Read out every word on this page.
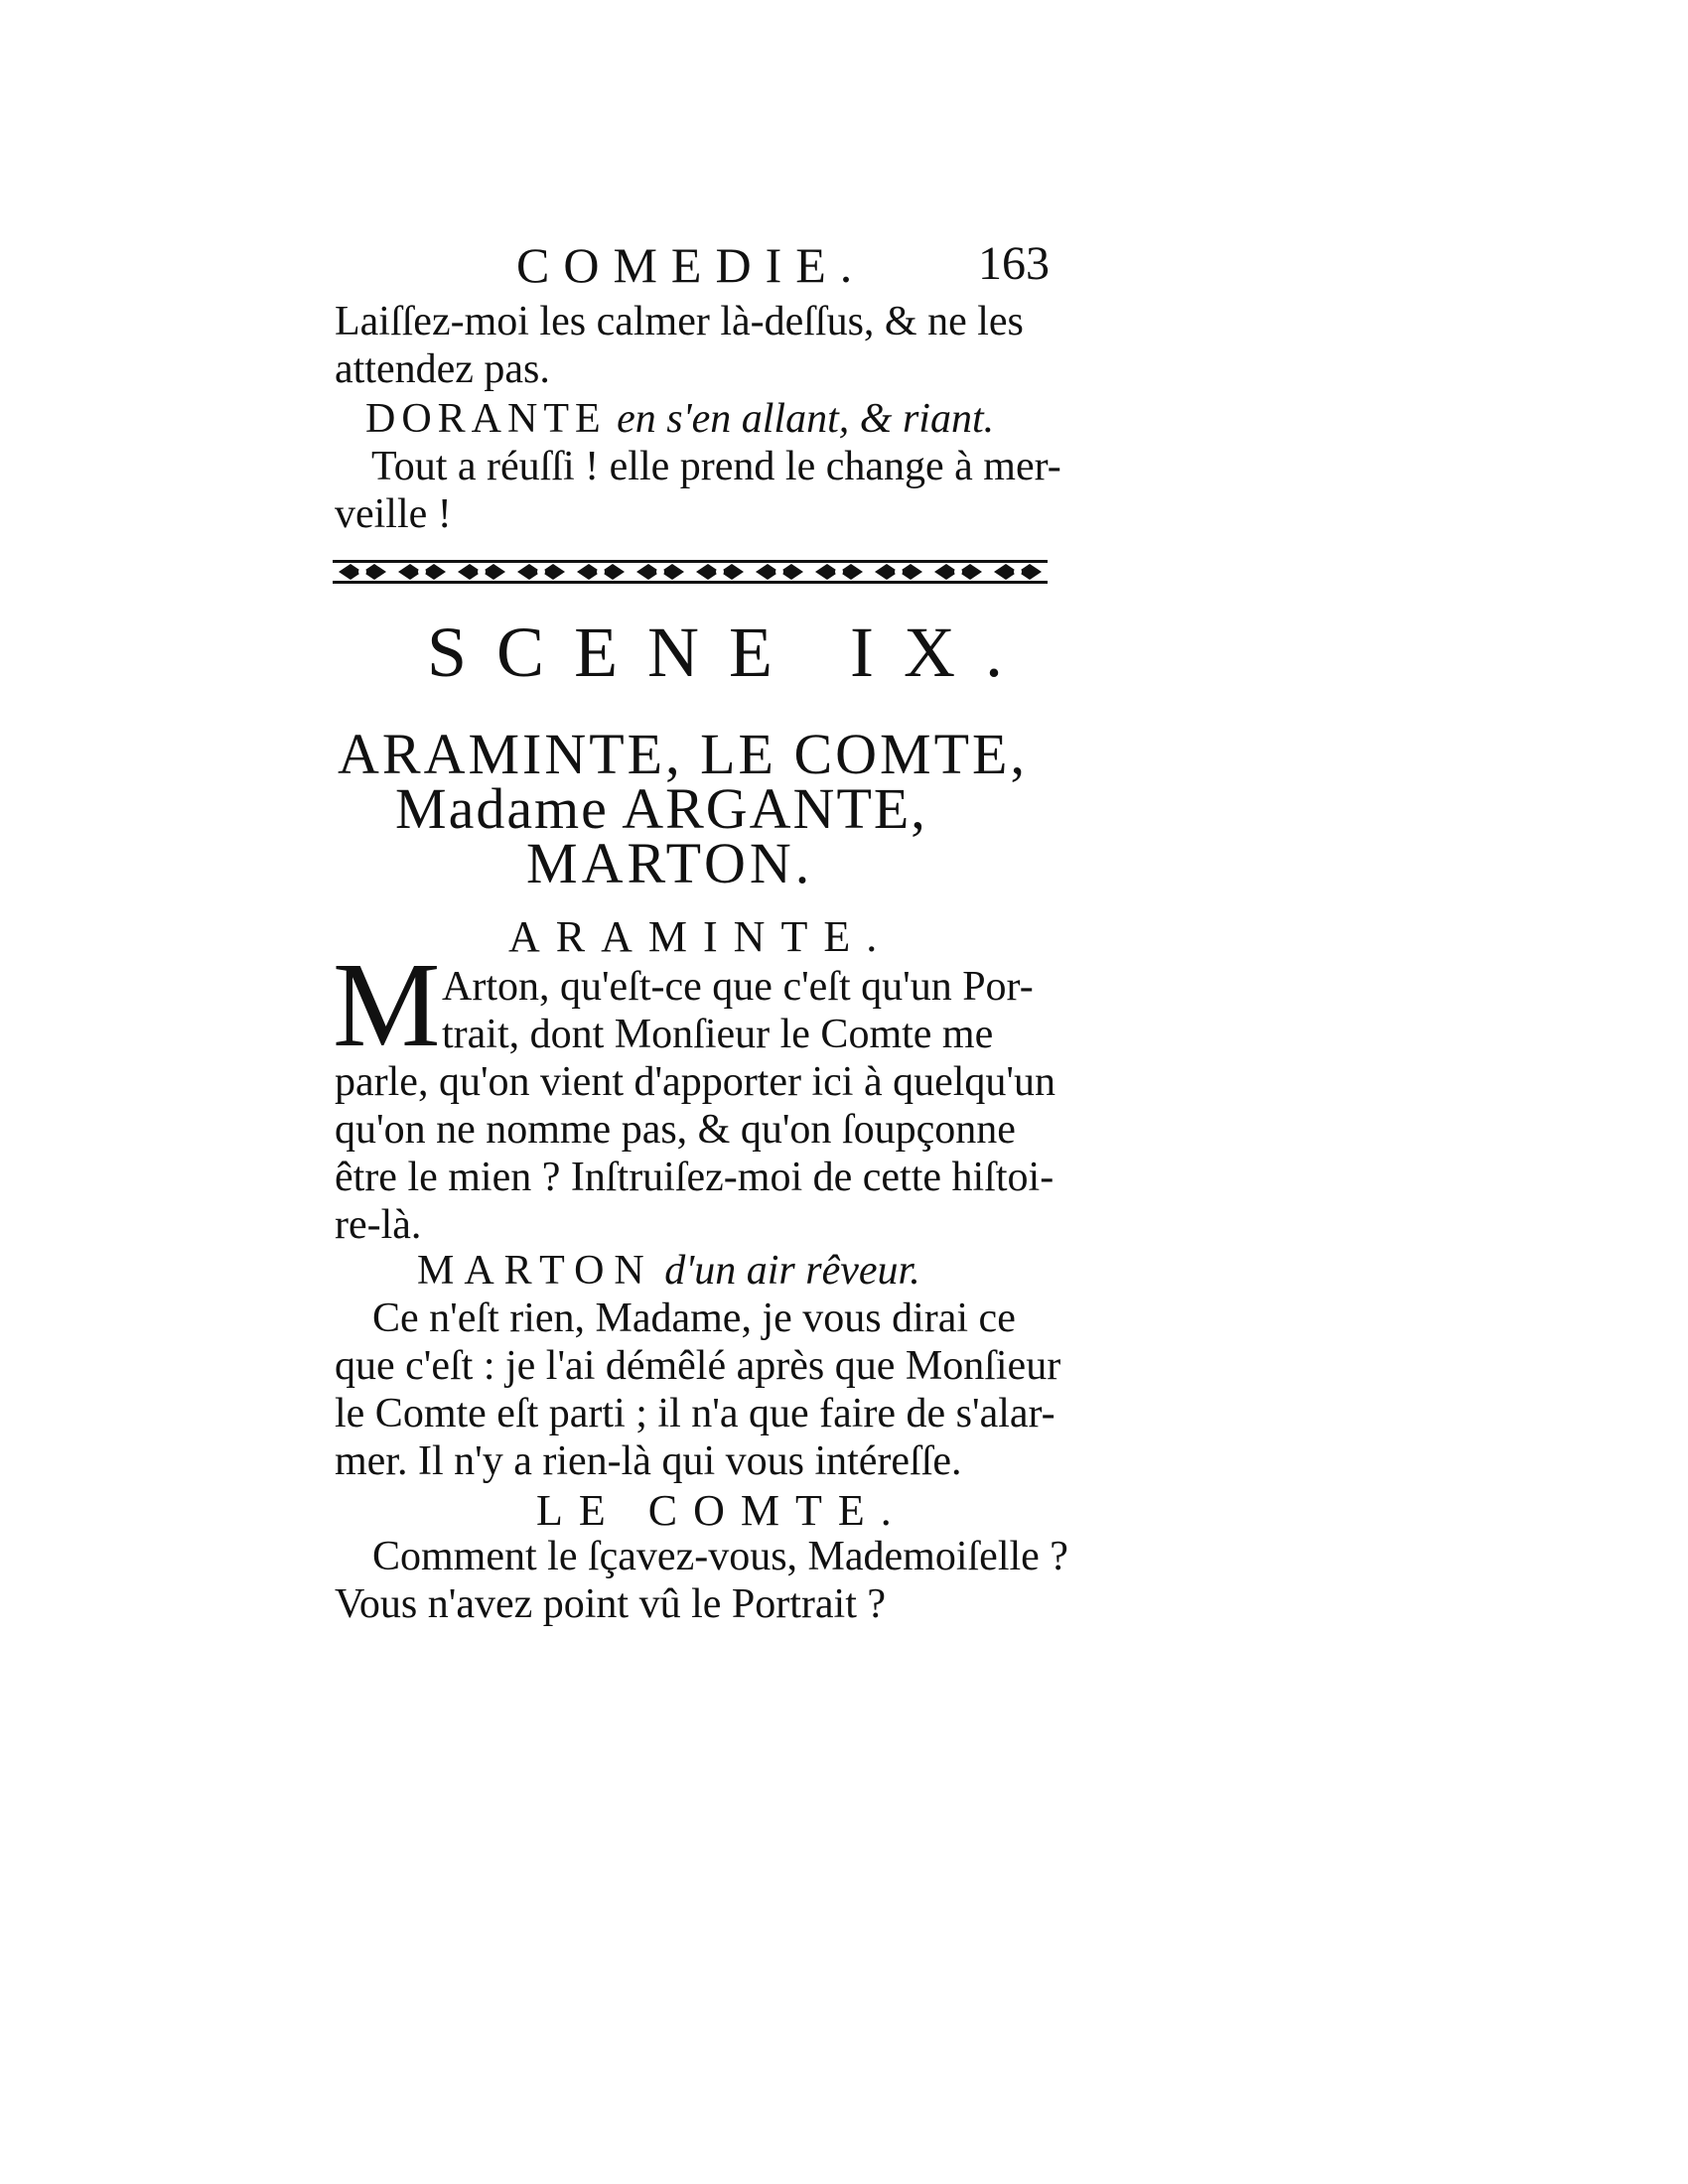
COMEDIE. 163
Laiſſez-moi les calmer là-deſſus, & ne les
attendez pas.
DORANTE en s'en allant, & riant.
Tout a réuſſi ! elle prend le change à mer-
veille !
SCENE IX.
ARAMINTE, LE COMTE,
Madame ARGANTE,
MARTON.
ARAMINTE.
M Arton, qu'eſt-ce que c'eſt qu'un Por-
trait, dont Monſieur le Comte me
parle, qu'on vient d'apporter ici à quelqu'un
qu'on ne nomme pas, & qu'on ſoupçonne
être le mien ? Inſtruiſez-moi de cette hiſtoi-
re-là.
MARTON d'un air rêveur.
Ce n'eſt rien, Madame, je vous dirai ce
que c'eſt : je l'ai démêlé après que Monſieur
le Comte eſt parti ; il n'a que faire de s'alar-
mer. Il n'y a rien-là qui vous intéreſſe.
LE COMTE.
Comment le ſçavez-vous, Mademoiſelle ?
Vous n'avez point vû le Portrait ?
